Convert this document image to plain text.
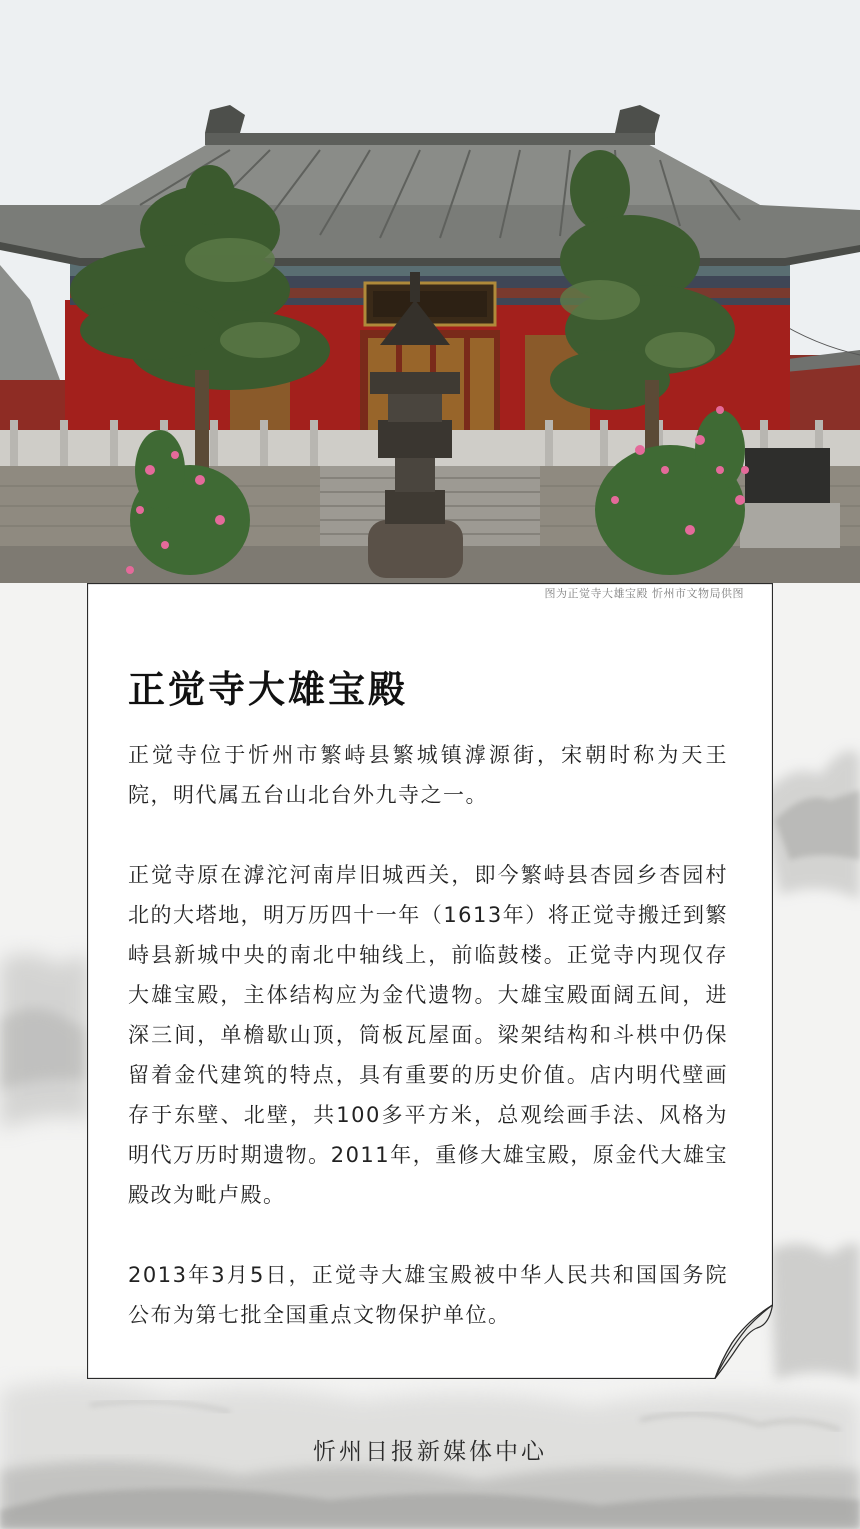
图为正觉寺大雄宝殿 忻州市文物局供图
正觉寺大雄宝殿

正觉寺位于忻州市繁峙县繁城镇滹源街，宋朝时称为天王院，明代属五台山北台外九寺之一。

正觉寺原在滹沱河南岸旧城西关，即今繁峙县杏园乡杏园村北的大塔地，明万历四十一年（1613年）将正觉寺搬迁到繁峙县新城中央的南北中轴线上，前临鼓楼。正觉寺内现仅存大雄宝殿，主体结构应为金代遗物。大雄宝殿面阔五间，进深三间，单檐歇山顶，筒板瓦屋面。梁架结构和斗栱中仍保留着金代建筑的特点，具有重要的历史价值。店内明代壁画存于东壁、北壁，共100多平方米，总观绘画手法、风格为明代万历时期遗物。2011年，重修大雄宝殿，原金代大雄宝殿改为毗卢殿。

2013年3月5日，正觉寺大雄宝殿被中华人民共和国国务院公布为第七批全国重点文物保护单位。

忻州日报新媒体中心
